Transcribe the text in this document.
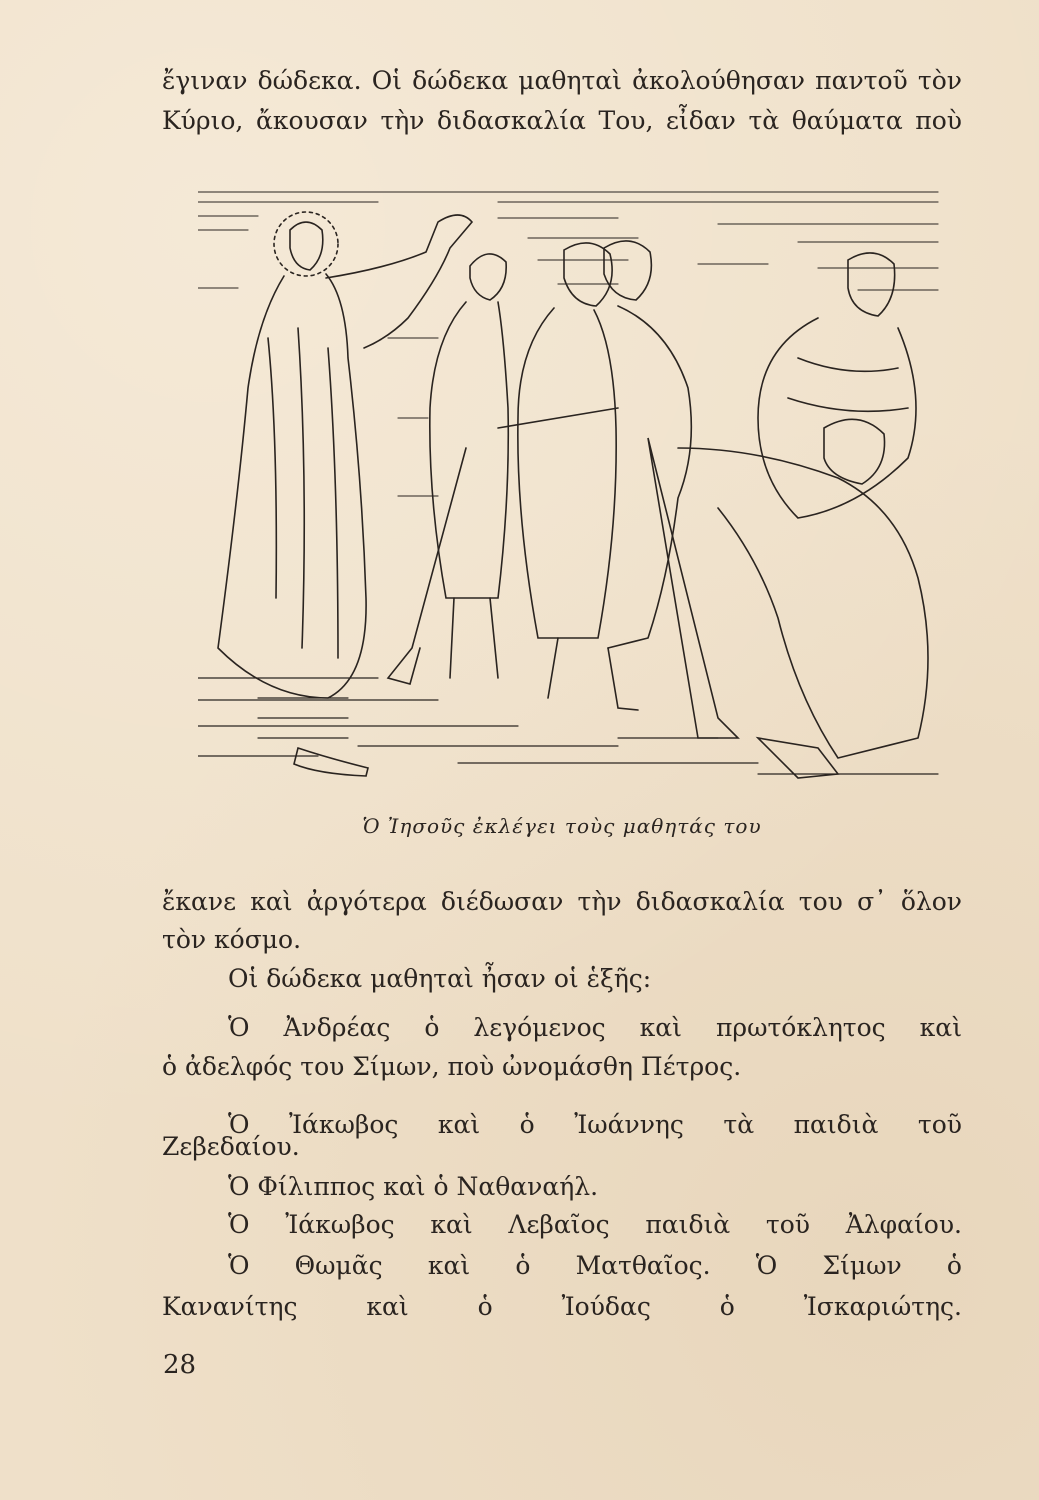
ἔγιναν δώδεκα. Οἱ δώδεκα μαθηταὶ ἀκολούθησαν παντοῦ τὸν
Κύριο, ἄκουσαν τὴν διδασκαλία Του, εἶδαν τὰ θαύματα ποὺ
Ὁ Ἰησοῦς ἐκλέγει τοὺς μαθητάς του
ἔκανε καὶ ἀργότερα διέδωσαν τὴν διδασκαλία του σ᾽ ὅλον
τὸν κόσμο.
Οἱ δώδεκα μαθηταὶ ἦσαν οἱ ἑξῆς:
Ὁ Ἀνδρέας ὁ λεγόμενος καὶ πρωτόκλητος καὶ
ὁ ἀδελφός του Σίμων, ποὺ ὠνομάσθη Πέτρος.
Ὁ Ἰάκωβος καὶ ὁ Ἰωάννης τὰ παιδιὰ τοῦ
Ζεβεδαίου.
Ὁ Φίλιππος καὶ ὁ Ναθαναήλ.
Ὁ Ἰάκωβος καὶ Λεβαῖος παιδιὰ τοῦ Ἀλφαίου.
Ὁ Θωμᾶς καὶ ὁ Ματθαῖος. Ὁ Σίμων ὁ
Κανανίτης καὶ ὁ Ἰούδας ὁ Ἰσκαριώτης.
28
